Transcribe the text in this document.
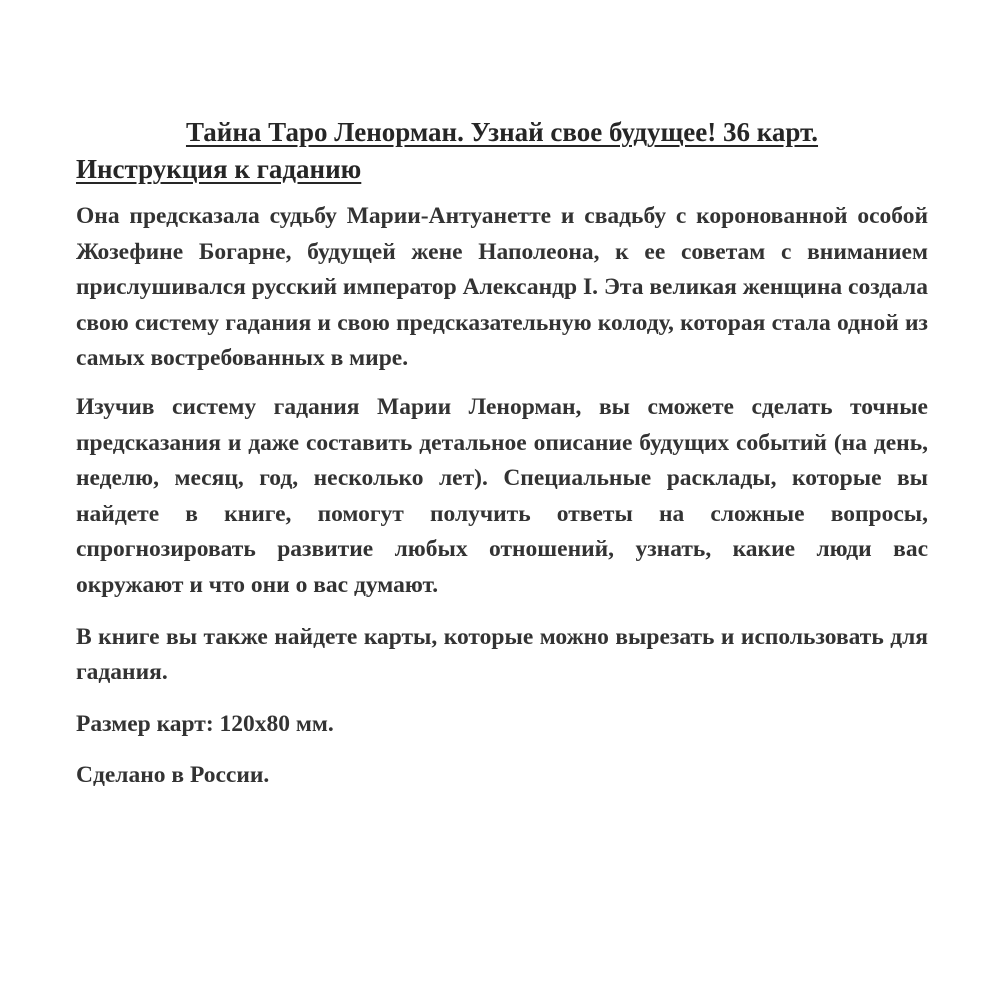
Тайна Таро Ленорман. Узнай свое будущее! 36 карт.
Инструкция к гаданию

Она предсказала судьбу Марии-Антуанетте и свадьбу с коронованной особой Жозефине Богарне, будущей жене Наполеона, к ее советам с вниманием прислушивался русский император Александр I. Эта великая женщина создала свою систему гадания и свою предсказательную колоду, которая стала одной из самых востребованных в мире.

Изучив систему гадания Марии Ленорман, вы сможете сделать точные предсказания и даже составить детальное описание будущих событий (на день, неделю, месяц, год, несколько лет). Специальные расклады, которые вы найдете в книге, помогут получить ответы на сложные вопросы, спрогнозировать развитие любых отношений, узнать, какие люди вас окружают и что они о вас думают.

В книге вы также найдете карты, которые можно вырезать и использовать для гадания.

Размер карт: 120х80 мм.

Сделано в России.
